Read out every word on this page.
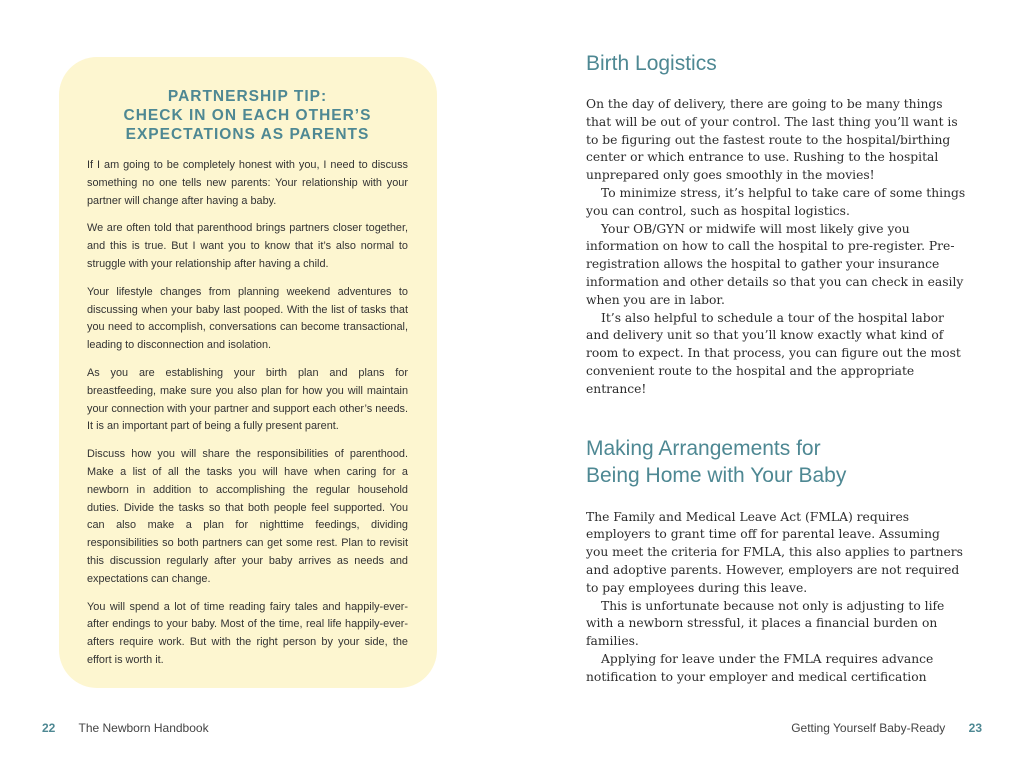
PARTNERSHIP TIP:
CHECK IN ON EACH OTHER’S
EXPECTATIONS AS PARENTS

If I am going to be completely honest with you, I need to discuss something no one tells new parents: Your relationship with your partner will change after having a baby.

We are often told that parenthood brings partners closer together, and this is true. But I want you to know that it’s also normal to struggle with your relationship after having a child.

Your lifestyle changes from planning weekend adventures to discussing when your baby last pooped. With the list of tasks that you need to accomplish, conversations can become transactional, leading to disconnection and isolation.

As you are establishing your birth plan and plans for breastfeeding, make sure you also plan for how you will maintain your connection with your partner and support each other’s needs. It is an important part of being a fully present parent.

Discuss how you will share the responsibilities of parenthood. Make a list of all the tasks you will have when caring for a newborn in addition to accomplishing the regular household duties. Divide the tasks so that both people feel supported. You can also make a plan for nighttime feedings, dividing responsibilities so both partners can get some rest. Plan to revisit this discussion regularly after your baby arrives as needs and expectations can change.

You will spend a lot of time reading fairy tales and happily-ever-after endings to your baby. Most of the time, real life happily-ever-afters require work. But with the right person by your side, the effort is worth it.

Birth Logistics

On the day of delivery, there are going to be many things that will be out of your control. The last thing you’ll want is to be figuring out the fastest route to the hospital/birthing center or which entrance to use. Rushing to the hospital unprepared only goes smoothly in the movies!

To minimize stress, it’s helpful to take care of some things you can control, such as hospital logistics.

Your OB/GYN or midwife will most likely give you information on how to call the hospital to pre-register. Pre-registration allows the hospital to gather your insurance information and other details so that you can check in easily when you are in labor.

It’s also helpful to schedule a tour of the hospital labor and delivery unit so that you’ll know exactly what kind of room to expect. In that process, you can figure out the most convenient route to the hospital and the appropriate entrance!

Making Arrangements for
Being Home with Your Baby

The Family and Medical Leave Act (FMLA) requires employers to grant time off for parental leave. Assuming you meet the criteria for FMLA, this also applies to partners and adoptive parents. However, employers are not required to pay employees during this leave.

This is unfortunate because not only is adjusting to life with a newborn stressful, it places a financial burden on families.

Applying for leave under the FMLA requires advance notification to your employer and medical certification

22 The Newborn Handbook	Getting Yourself Baby-Ready 23
